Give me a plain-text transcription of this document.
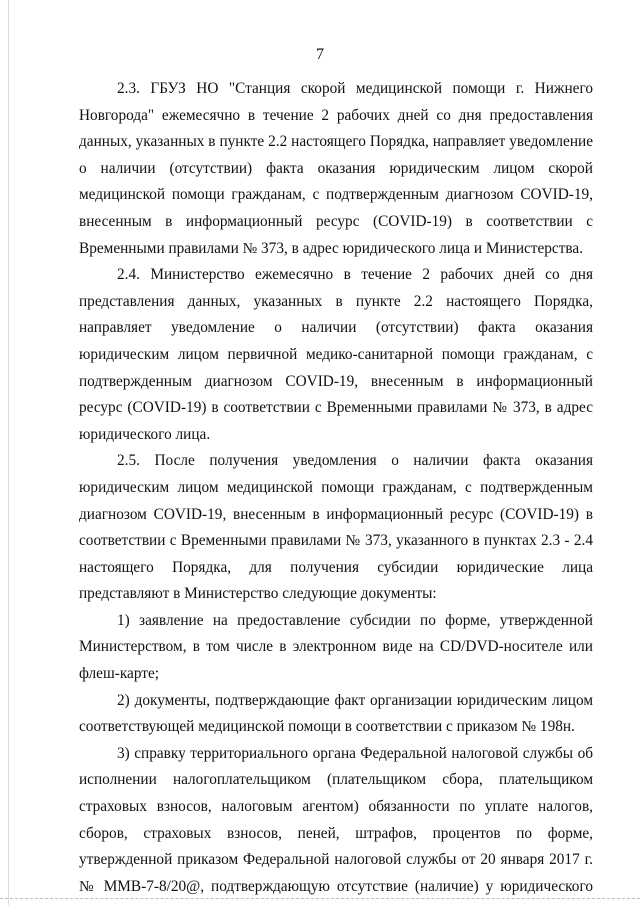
7

2.3. ГБУЗ НО "Станция скорой медицинской помощи г. Нижнего Новгорода" ежемесячно в течение 2 рабочих дней со дня предоставления данных, указанных в пункте 2.2 настоящего Порядка, направляет уведомление о наличии (отсутствии) факта оказания юридическим лицом скорой медицинской помощи гражданам, с подтвержденным диагнозом COVID-19, внесенным в информационный ресурс (COVID-19) в соответствии с Временными правилами № 373, в адрес юридического лица и Министерства.

2.4. Министерство ежемесячно в течение 2 рабочих дней со дня представления данных, указанных в пункте 2.2 настоящего Порядка, направляет уведомление о наличии (отсутствии) факта оказания юридическим лицом первичной медико-санитарной помощи гражданам, с подтвержденным диагнозом COVID-19, внесенным в информационный ресурс (COVID-19) в соответствии с Временными правилами № 373, в адрес юридического лица.

2.5. После получения уведомления о наличии факта оказания юридическим лицом медицинской помощи гражданам, с подтвержденным диагнозом COVID-19, внесенным в информационный ресурс (COVID-19) в соответствии с Временными правилами № 373, указанного в пунктах 2.3 - 2.4 настоящего Порядка, для получения субсидии юридические лица представляют в Министерство следующие документы:

1) заявление на предоставление субсидии по форме, утвержденной Министерством, в том числе в электронном виде на CD/DVD-носителе или флеш-карте;

2) документы, подтверждающие факт организации юридическим лицом соответствующей медицинской помощи в соответствии с приказом № 198н.

3) справку территориального органа Федеральной налоговой службы об исполнении налогоплательщиком (плательщиком сбора, плательщиком страховых взносов, налоговым агентом) обязанности по уплате налогов, сборов, страховых взносов, пеней, штрафов, процентов по форме, утвержденной приказом Федеральной налоговой службы от 20 января 2017 г. № ММВ-7-8/20@, подтверждающую отсутствие (наличие) у юридического
